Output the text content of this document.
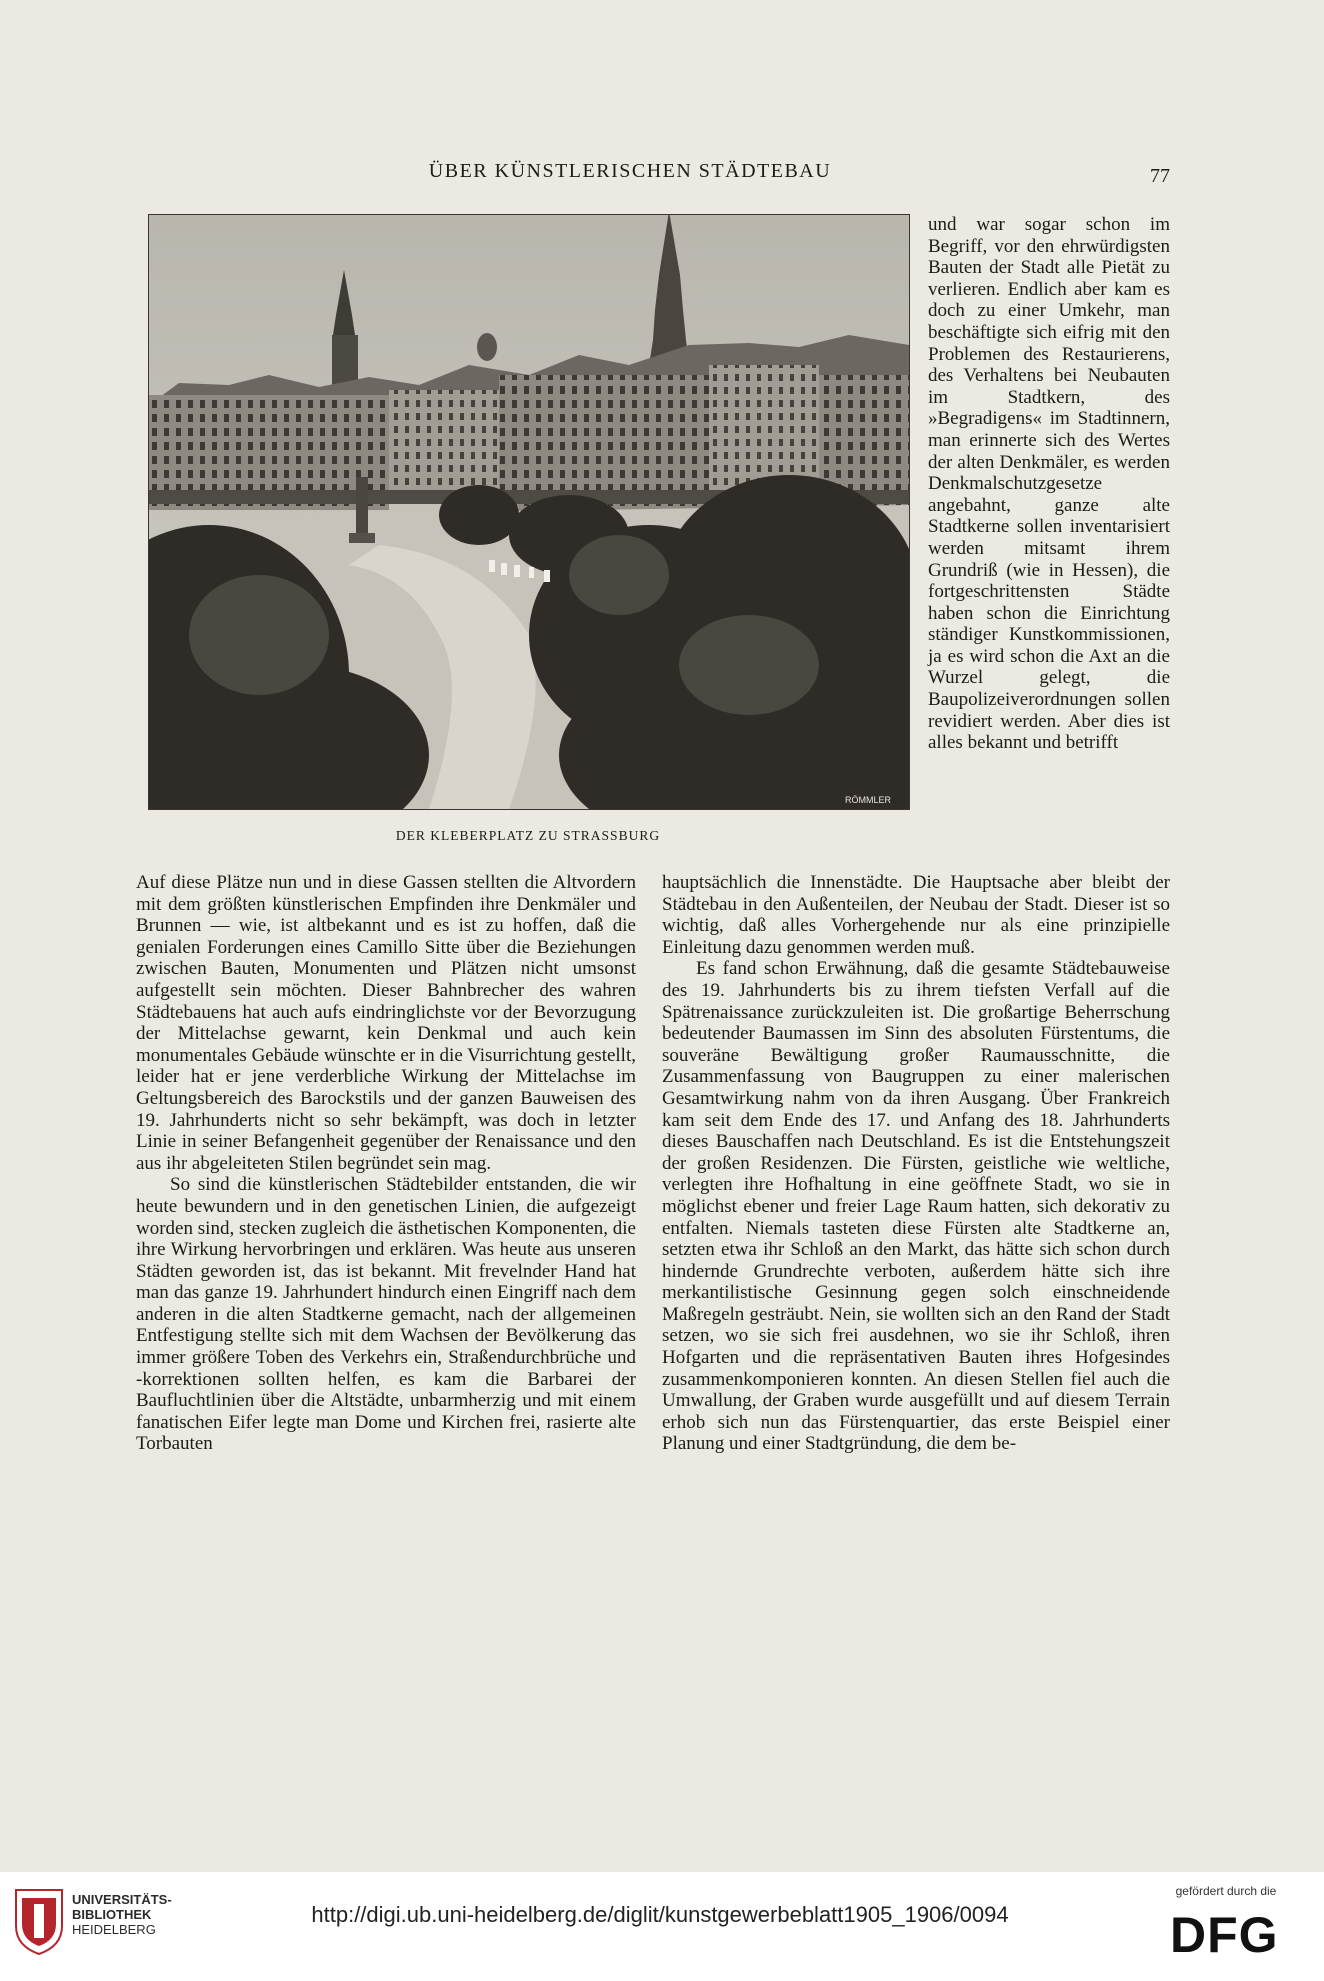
ÜBER KÜNSTLERISCHEN STÄDTEBAU	77
RÖMMLER
DER KLEBERPLATZ ZU STRASSBURG

und war sogar schon im Begriff, vor den ehrwürdigsten Bauten der Stadt alle Pietät zu verlieren. Endlich aber kam es doch zu einer Umkehr, man beschäftigte sich eifrig mit den Problemen des Restaurierens, des Verhaltens bei Neubauten im Stadtkern, des »Begradigens« im Stadtinnern, man erinnerte sich des Wertes der alten Denkmäler, es werden Denkmalschutzgesetze angebahnt, ganze alte Stadtkerne sollen inventarisiert werden mitsamt ihrem Grundriß (wie in Hessen), die fortgeschrittensten Städte haben schon die Einrichtung ständiger Kunstkommissionen, ja es wird schon die Axt an die Wurzel gelegt, die Baupolizeiverordnungen sollen revidiert werden. Aber dies ist alles bekannt und betrifft

Auf diese Plätze nun und in diese Gassen stellten die Altvordern mit dem größten künstlerischen Empfinden ihre Denkmäler und Brunnen — wie, ist altbekannt und es ist zu hoffen, daß die genialen Forderungen eines Camillo Sitte über die Beziehungen zwischen Bauten, Monumenten und Plätzen nicht umsonst aufgestellt sein möchten. Dieser Bahnbrecher des wahren Städtebauens hat auch aufs eindringlichste vor der Bevorzugung der Mittelachse gewarnt, kein Denkmal und auch kein monumentales Gebäude wünschte er in die Visurrichtung gestellt, leider hat er jene verderbliche Wirkung der Mittelachse im Geltungsbereich des Barockstils und der ganzen Bauweisen des 19. Jahrhunderts nicht so sehr bekämpft, was doch in letzter Linie in seiner Befangenheit gegenüber der Renaissance und den aus ihr abgeleiteten Stilen begründet sein mag.

So sind die künstlerischen Städtebilder entstanden, die wir heute bewundern und in den genetischen Linien, die aufgezeigt worden sind, stecken zugleich die ästhetischen Komponenten, die ihre Wirkung hervorbringen und erklären. Was heute aus unseren Städten geworden ist, das ist bekannt. Mit frevelnder Hand hat man das ganze 19. Jahrhundert hindurch einen Eingriff nach dem anderen in die alten Stadtkerne gemacht, nach der allgemeinen Entfestigung stellte sich mit dem Wachsen der Bevölkerung das immer größere Toben des Verkehrs ein, Straßendurchbrüche und -korrektionen sollten helfen, es kam die Barbarei der Baufluchtlinien über die Altstädte, unbarmherzig und mit einem fanatischen Eifer legte man Dome und Kirchen frei, rasierte alte Torbauten

hauptsächlich die Innenstädte. Die Hauptsache aber bleibt der Städtebau in den Außenteilen, der Neubau der Stadt. Dieser ist so wichtig, daß alles Vorhergehende nur als eine prinzipielle Einleitung dazu genommen werden muß.

Es fand schon Erwähnung, daß die gesamte Städtebauweise des 19. Jahrhunderts bis zu ihrem tiefsten Verfall auf die Spätrenaissance zurückzuleiten ist. Die großartige Beherrschung bedeutender Baumassen im Sinn des absoluten Fürstentums, die souveräne Bewältigung großer Raumausschnitte, die Zusammenfassung von Baugruppen zu einer malerischen Gesamtwirkung nahm von da ihren Ausgang. Über Frankreich kam seit dem Ende des 17. und Anfang des 18. Jahrhunderts dieses Bauschaffen nach Deutschland. Es ist die Entstehungszeit der großen Residenzen. Die Fürsten, geistliche wie weltliche, verlegten ihre Hofhaltung in eine geöffnete Stadt, wo sie in möglichst ebener und freier Lage Raum hatten, sich dekorativ zu entfalten. Niemals tasteten diese Fürsten alte Stadtkerne an, setzten etwa ihr Schloß an den Markt, das hätte sich schon durch hindernde Grundrechte verboten, außerdem hätte sich ihre merkantilistische Gesinnung gegen solch einschneidende Maßregeln gesträubt. Nein, sie wollten sich an den Rand der Stadt setzen, wo sie sich frei ausdehnen, wo sie ihr Schloß, ihren Hofgarten und die repräsentativen Bauten ihres Hofgesindes zusammenkomponieren konnten. An diesen Stellen fiel auch die Umwallung, der Graben wurde ausgefüllt und auf diesem Terrain erhob sich nun das Fürstenquartier, das erste Beispiel einer Planung und einer Stadtgründung, die dem be-

UNIVERSITÄTS-
BIBLIOTHEK
HEIDELBERG
http://digi.ub.uni-heidelberg.de/diglit/kunstgewerbeblatt1905_1906/0094
gefördert durch die
DFG
